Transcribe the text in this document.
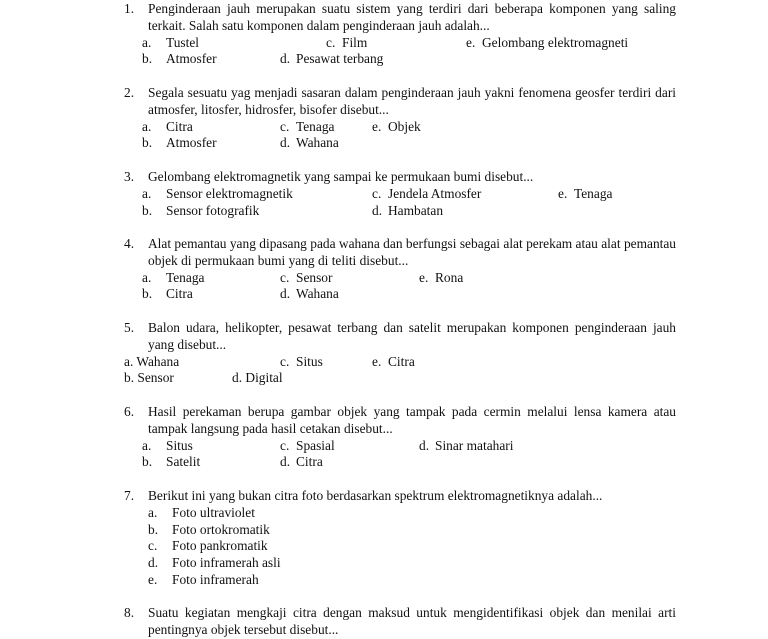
1. Penginderaan jauh merupakan suatu sistem yang terdiri dari beberapa komponen yang saling terkait. Salah satu komponen dalam penginderaan jauh adalah...
a. Tustel	c. Film	e. Gelombang elektromagneti
b. Atmosfer	d. Pesawat terbang
2. Segala sesuatu yag menjadi sasaran dalam penginderaan jauh yakni fenomena geosfer terdiri dari atmosfer, litosfer, hidrosfer, bisofer disebut...
a. Citra	c. Tenaga	e. Objek
b. Atmosfer	d. Wahana
3. Gelombang elektromagnetik yang sampai ke permukaan bumi disebut...
a. Sensor elektromagnetik	c. Jendela Atmosfer	e. Tenaga
b. Sensor fotografik	d. Hambatan
4. Alat pemantau yang dipasang pada wahana dan berfungsi sebagai alat perekam atau alat pemantau objek di permukaan bumi yang di teliti disebut...
a. Tenaga	c. Sensor	e. Rona
b. Citra	d. Wahana
5. Balon udara, helikopter, pesawat terbang dan satelit merupakan komponen penginderaan jauh yang disebut...
a. Wahana	c. Situs	e. Citra
b. Sensor	d. Digital
6. Hasil perekaman berupa gambar objek yang tampak pada cermin melalui lensa kamera atau tampak langsung pada hasil cetakan disebut...
a. Situs	c. Spasial	d. Sinar matahari
b. Satelit	d. Citra
7. Berikut ini yang bukan citra foto berdasarkan spektrum elektromagnetiknya adalah...
a. Foto ultraviolet
b. Foto ortokromatik
c. Foto pankromatik
d. Foto inframerah asli
e. Foto inframerah
8. Suatu kegiatan mengkaji citra dengan maksud untuk mengidentifikasi objek dan menilai arti pentingnya objek tersebut disebut...
